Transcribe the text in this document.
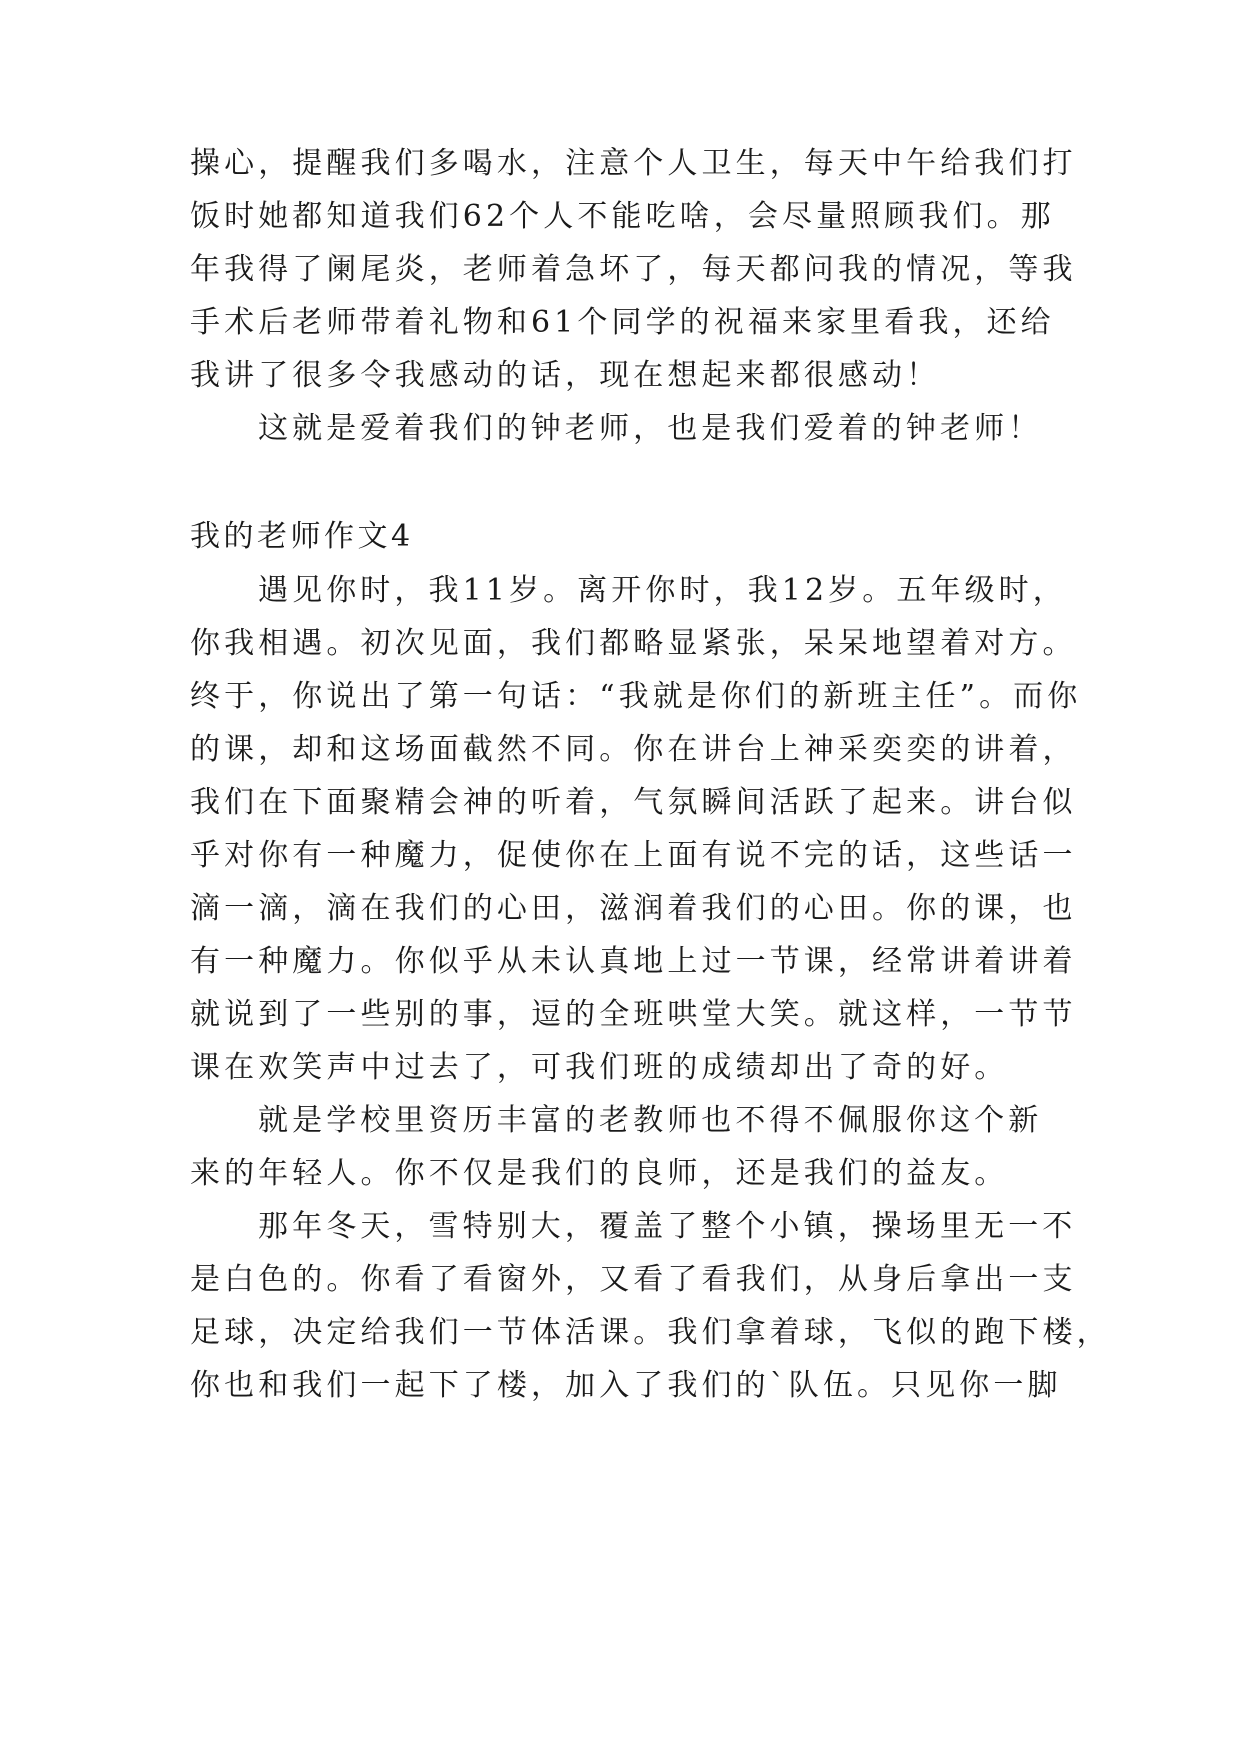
操心，提醒我们多喝水，注意个人卫生，每天中午给我们打
饭时她都知道我们62个人不能吃啥，会尽量照顾我们。那
年我得了阑尾炎，老师着急坏了，每天都问我的情况，等我
手术后老师带着礼物和61个同学的祝福来家里看我，还给
我讲了很多令我感动的话，现在想起来都很感动！
这就是爱着我们的钟老师，也是我们爱着的钟老师！
我的老师作文4
遇见你时，我11岁。离开你时，我12岁。五年级时，
你我相遇。初次见面，我们都略显紧张，呆呆地望着对方。
终于，你说出了第一句话：“我就是你们的新班主任”。而你
的课，却和这场面截然不同。你在讲台上神采奕奕的讲着，
我们在下面聚精会神的听着，气氛瞬间活跃了起来。讲台似
乎对你有一种魔力，促使你在上面有说不完的话，这些话一
滴一滴，滴在我们的心田，滋润着我们的心田。你的课，也
有一种魔力。你似乎从未认真地上过一节课，经常讲着讲着
就说到了一些别的事，逗的全班哄堂大笑。就这样，一节节
课在欢笑声中过去了，可我们班的成绩却出了奇的好。
就是学校里资历丰富的老教师也不得不佩服你这个新
来的年轻人。你不仅是我们的良师，还是我们的益友。
那年冬天，雪特别大，覆盖了整个小镇，操场里无一不
是白色的。你看了看窗外，又看了看我们，从身后拿出一支
足球，决定给我们一节体活课。我们拿着球，飞似的跑下楼，
你也和我们一起下了楼，加入了我们的`队伍。只见你一脚
